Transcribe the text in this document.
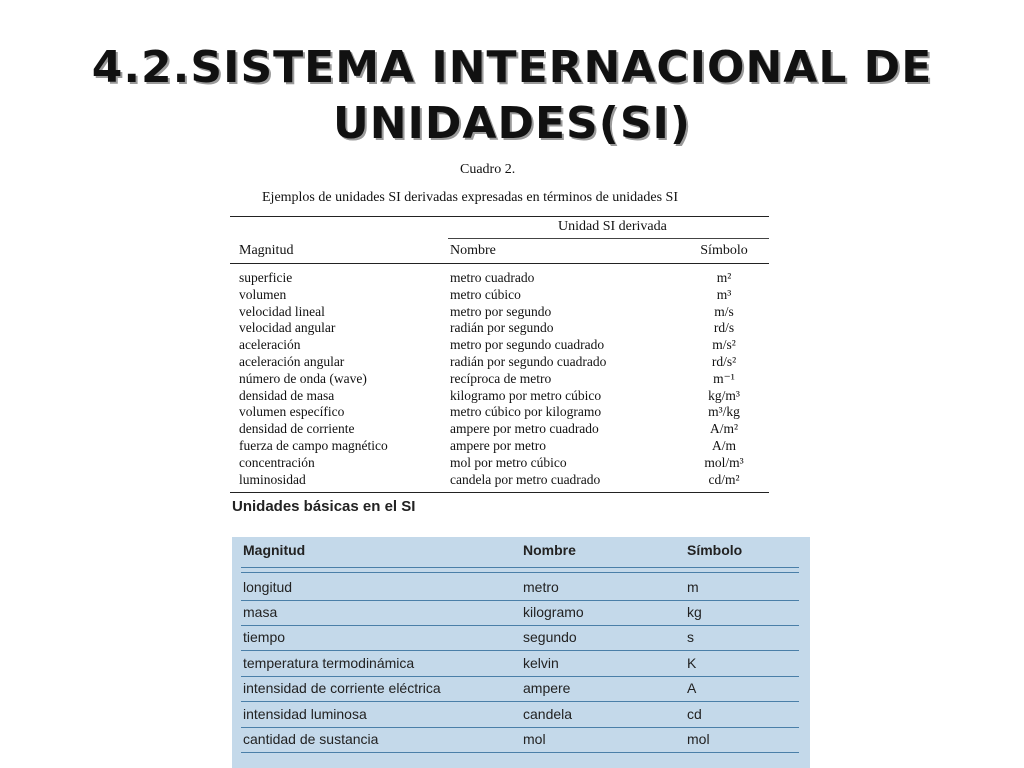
4.2.SISTEMA INTERNACIONAL DE
UNIDADES(SI)
Cuadro 2.
Ejemplos de unidades SI derivadas expresadas en términos de unidades SI
Unidad SI derivada
Magnitud	Nombre	Símbolo
superficie	metro cuadrado	m²
volumen	metro cúbico	m³
velocidad lineal	metro por segundo	m/s
velocidad angular	radián por segundo	rd/s
aceleración	metro por segundo cuadrado	m/s²
aceleración angular	radián por segundo cuadrado	rd/s²
número de onda (wave)	recíproca de metro	m⁻¹
densidad de masa	kilogramo por metro cúbico	kg/m³
volumen específico	metro cúbico por kilogramo	m³/kg
densidad de corriente	ampere por metro cuadrado	A/m²
fuerza de campo magnético	ampere por metro	A/m
concentración	mol por metro cúbico	mol/m³
luminosidad	candela por metro cuadrado	cd/m²
Unidades básicas en el SI
Magnitud	Nombre	Símbolo
longitud	metro	m
masa	kilogramo	kg
tiempo	segundo	s
temperatura termodinámica	kelvin	K
intensidad de corriente eléctrica	ampere	A
intensidad luminosa	candela	cd
cantidad de sustancia	mol	mol
